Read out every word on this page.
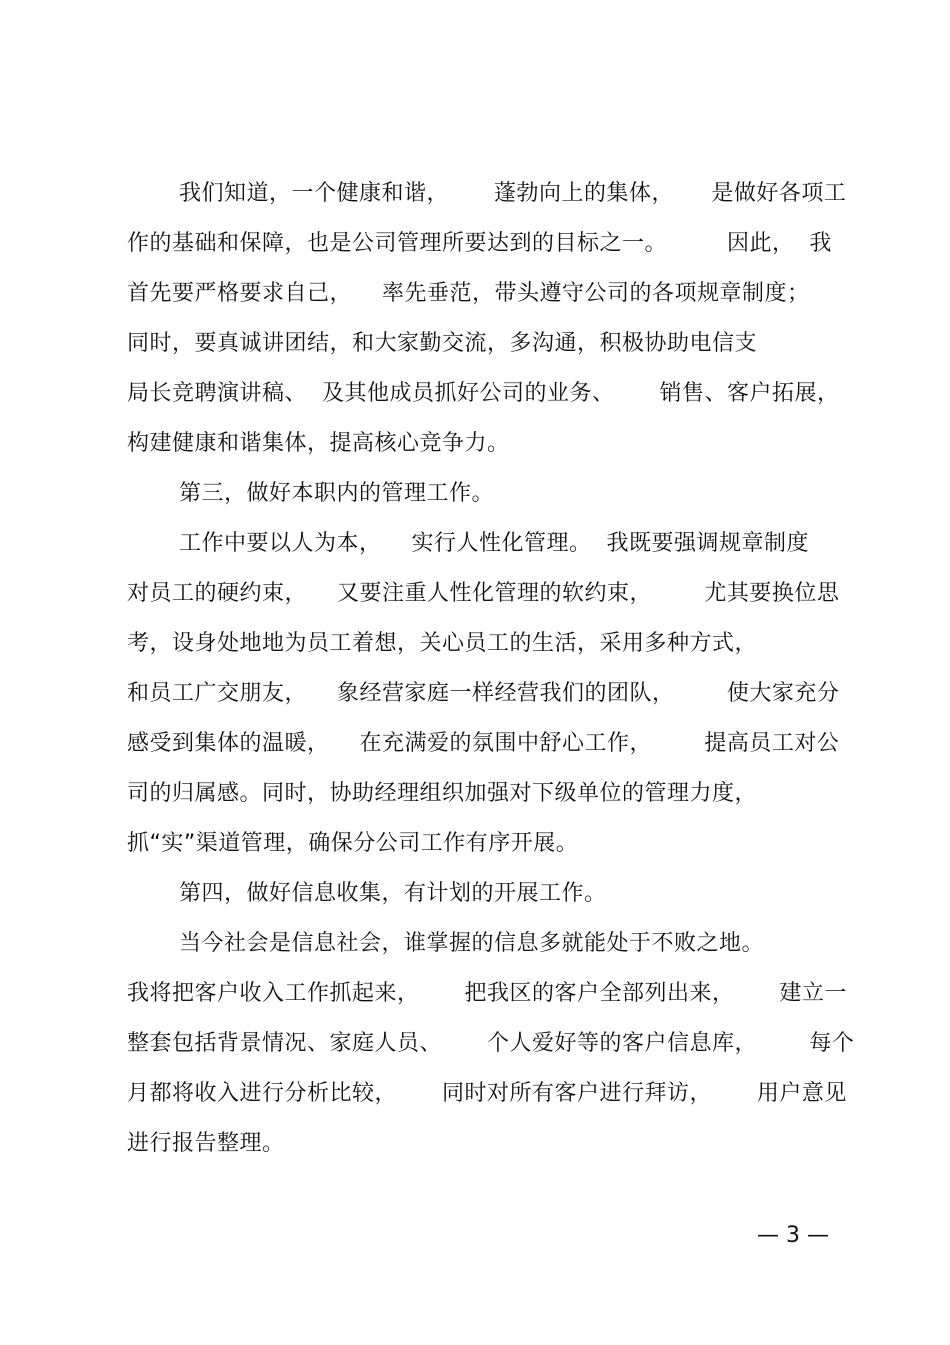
我们知道，一个健康和谐，      蓬勃向上的集体，     是做好各项工
作的基础和保障，也是公司管理所要达到的目标之一。        因此，  我
首先要严格要求自己，    率先垂范，带头遵守公司的各项规章制度；
同时，要真诚讲团结，和大家勤交流，多沟通，积极协助电信支
局长竞聘演讲稿、  及其他成员抓好公司的业务、      销售、客户拓展，
构建健康和谐集体，提高核心竞争力。
第三，做好本职内的管理工作。
工作中要以人为本，    实行人性化管理。  我既要强调规章制度
对员工的硬约束，    又要注重人性化管理的软约束，       尤其要换位思
考，设身处地地为员工着想，关心员工的生活，采用多种方式，
和员工广交朋友，    象经营家庭一样经营我们的团队，       使大家充分
感受到集体的温暖，    在充满爱的氛围中舒心工作，       提高员工对公
司的归属感。同时，协助经理组织加强对下级单位的管理力度，
抓“实”渠道管理，确保分公司工作有序开展。
第四，做好信息收集，有计划的开展工作。
当今社会是信息社会，谁掌握的信息多就能处于不败之地。
我将把客户收入工作抓起来，      把我区的客户全部列出来，      建立一
整套包括背景情况、家庭人员、      个人爱好等的客户信息库，       每个
月都将收入进行分析比较，      同时对所有客户进行拜访，      用户意见
进行报告整理。
— 3 —
